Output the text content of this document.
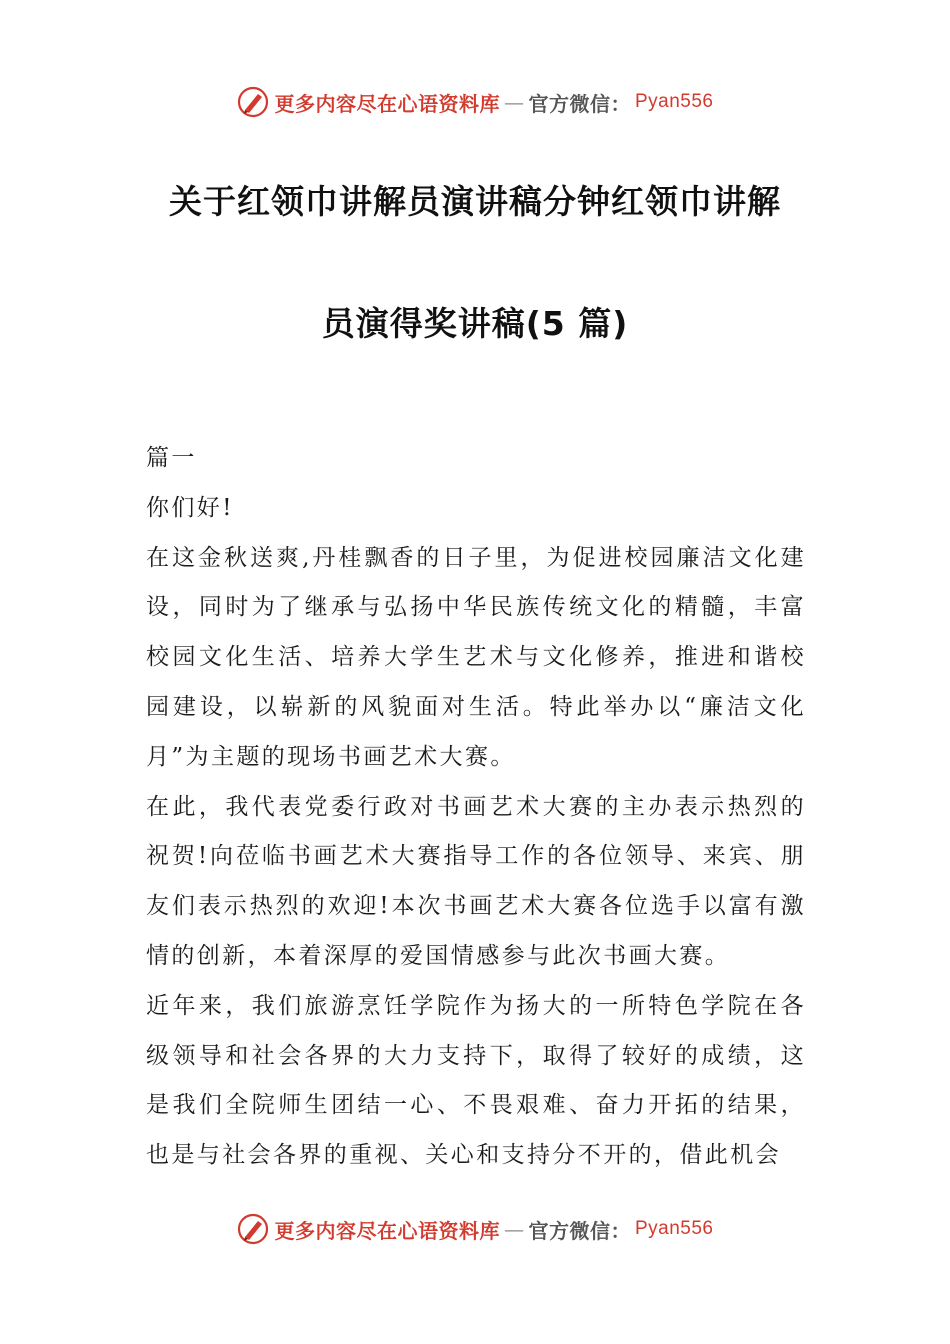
更多内容尽在心语资料库 — 官方微信： Pyan556
关于红领巾讲解员演讲稿分钟红领巾讲解
员演得奖讲稿(5 篇)

篇一

你们好!

在这金秋送爽,丹桂飘香的日子里，为促进校园廉洁文化建设，同时为了继承与弘扬中华民族传统文化的精髓，丰富校园文化生活、培养大学生艺术与文化修养，推进和谐校园建设，以崭新的风貌面对生活。特此举办以“廉洁文化月”为主题的现场书画艺术大赛。

在此，我代表党委行政对书画艺术大赛的主办表示热烈的祝贺!向莅临书画艺术大赛指导工作的各位领导、来宾、朋友们表示热烈的欢迎!本次书画艺术大赛各位选手以富有激情的创新，本着深厚的爱国情感参与此次书画大赛。

近年来，我们旅游烹饪学院作为扬大的一所特色学院在各级领导和社会各界的大力支持下，取得了较好的成绩，这是我们全院师生团结一心、不畏艰难、奋力开拓的结果，也是与社会各界的重视、关心和支持分不开的，借此机会

更多内容尽在心语资料库 — 官方微信： Pyan556
